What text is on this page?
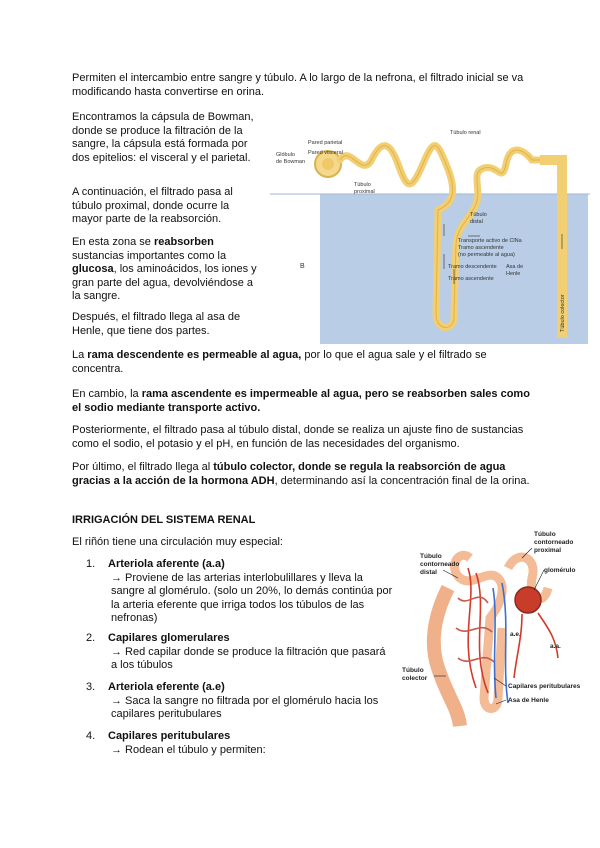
Permiten el intercambio entre sangre y túbulo. A lo largo de la nefrona, el filtrado inicial se va modificando hasta convertirse en orina.

Encontramos la cápsula de Bowman, donde se produce la filtración de la sangre, la cápsula está formada por dos epitelios: el visceral y el parietal.

A continuación, el filtrado pasa al túbulo proximal, donde ocurre la mayor parte de la reabsorción.

En esta zona se reabsorben sustancias importantes como la glucosa, los aminoácidos, los iones y gran parte del agua, devolviéndose a la sangre.

Después, el filtrado llega al asa de Henle, que tiene dos partes.

La rama descendente es permeable al agua, por lo que el agua sale y el filtrado se concentra.

En cambio, la rama ascendente es impermeable al agua, pero se reabsorben sales como el sodio mediante transporte activo.

Posteriormente, el filtrado pasa al túbulo distal, donde se realiza un ajuste fino de sustancias como el sodio, el potasio y el pH, en función de las necesidades del organismo.

Por último, el filtrado llega al túbulo colector, donde se regula la reabsorción de agua gracias a la acción de la hormona ADH, determinando así la concentración final de la orina.

IRRIGACIÓN DEL SISTEMA RENAL

El riñón tiene una circulación muy especial:

1. Arteriola aferente (a.a)

→ Proviene de las arterias interlobulillares y lleva la sangre al glomérulo. (solo un 20%, lo demás continúa por la arteria eferente que irriga todos los túbulos de las nefronas)
2. Capilares glomerulares

→ Red capilar donde se produce la filtración que pasará a los túbulos
3. Arteriola eferente (a.e)

→ Saca la sangre no filtrada por el glomérulo hacia los capilares peritubulares
4. Capilares peritubulares

→ Rodean el túbulo y permiten:
Túbulo renal
Glóbulo
de Bowman
Pared parietal
Pared visceral
Túbulo
proximal
Túbulo
distal
Transporte activo de ClNa
Tramo ascendente
(no permeable al agua)
Tramo descendente
Tramo ascendente
Asa de
Henle
B
Túbulo colector
Túbulo
contorneado
distal
Túbulo
contorneado
proximal
glomérulo
a.e.
a.a.
Túbulo
colector
Capilares peritubulares
Asa de Henle
